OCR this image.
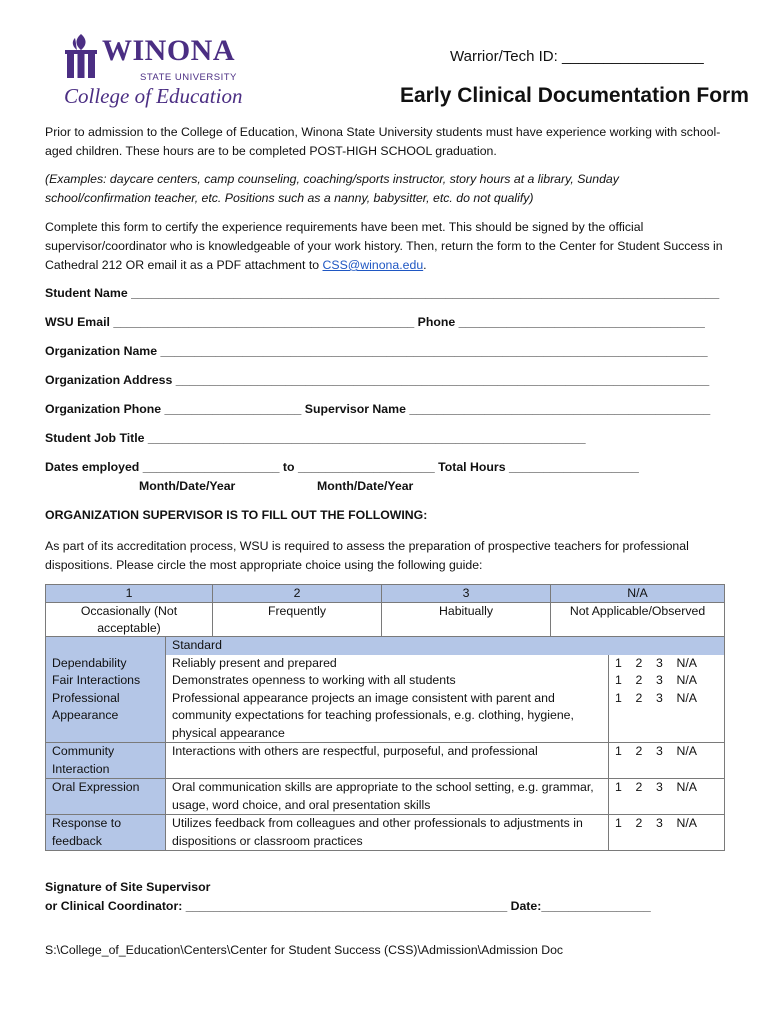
WINONA
STATE UNIVERSITY
College of Education
Warrior/Tech ID: _________________
Early Clinical Documentation Form
Prior to admission to the College of Education, Winona State University students must have experience working with school-aged children. These hours are to be completed POST-HIGH SCHOOL graduation.
(Examples: daycare centers, camp counseling, coaching/sports instructor, story hours at a library, Sunday school/confirmation teacher, etc. Positions such as a nanny, babysitter, etc. do not qualify)
Complete this form to certify the experience requirements have been met. This should be signed by the official supervisor/coordinator who is knowledgeable of your work history. Then, return the form to the Center for Student Success in Cathedral 212 OR email it as a PDF attachment to CSS@winona.edu.
Student Name ______________________________________________________________________________________
WSU Email ____________________________________________ Phone ____________________________________
Organization Name ________________________________________________________________________________
Organization Address ______________________________________________________________________________
Organization Phone ____________________ Supervisor Name ____________________________________________
Student Job Title ________________________________________________________________
Dates employed ____________________ to ____________________ Total Hours ___________________
Month/Date/Year	Month/Date/Year
ORGANIZATION SUPERVISOR IS TO FILL OUT THE FOLLOWING:
As part of its accreditation process, WSU is required to assess the preparation of prospective teachers for professional dispositions. Please circle the most appropriate choice using the following guide:
1	2	3	N/A
Occasionally (Not acceptable)	Frequently	Habitually	Not Applicable/Observed
	Standard	
Dependability	Reliably present and prepared	1    2    3    N/A
Fair Interactions	Demonstrates openness to working with all students	1    2    3    N/A
Professional Appearance	Professional appearance projects an image consistent with parent and community expectations for teaching professionals, e.g. clothing, hygiene, physical appearance	1    2    3    N/A
Community Interaction	Interactions with others are respectful, purposeful, and professional	1    2    3    N/A
Oral Expression	Oral communication skills are appropriate to the school setting, e.g. grammar, usage, word choice, and oral presentation skills	1    2    3    N/A
Response to feedback	Utilizes feedback from colleagues and other professionals to adjustments in dispositions or classroom practices	1    2    3    N/A
Signature of Site Supervisor
or Clinical Coordinator: _______________________________________________ Date:________________
S:\College_of_Education\Centers\Center for Student Success (CSS)\Admission\Admission Doc
